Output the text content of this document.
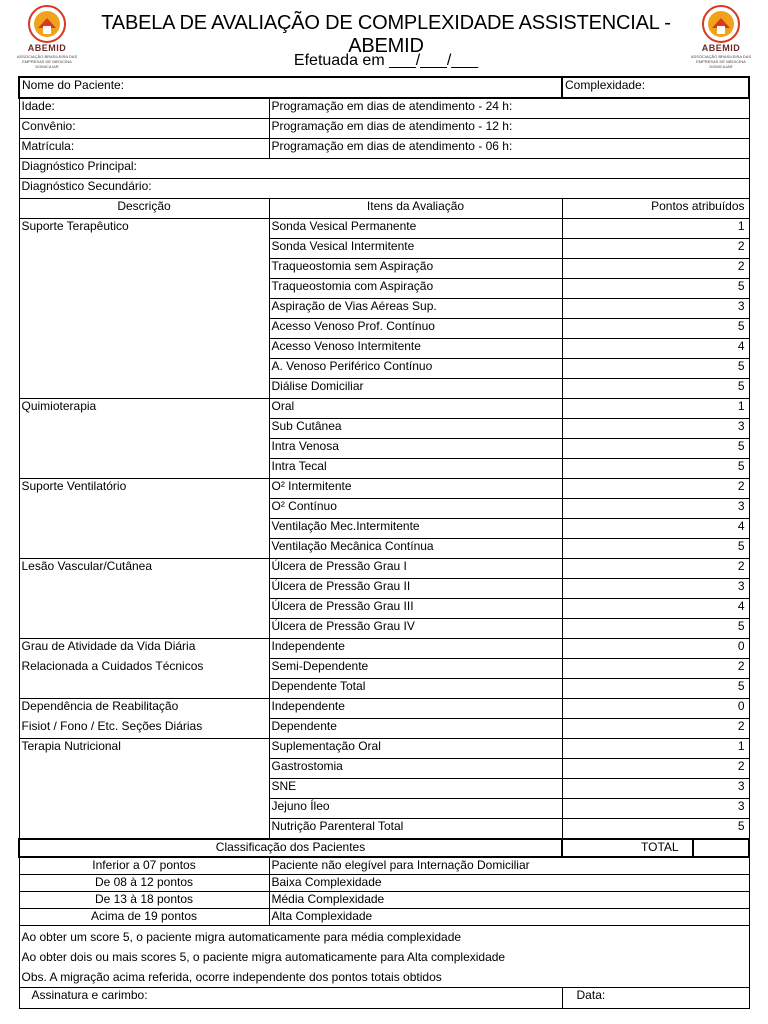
ABEMID
ASSOCIAÇÃO BRASILEIRA DAS EMPRESAS DE MEDICINA DOMICILIAR
TABELA DE AVALIAÇÃO DE COMPLEXIDADE ASSISTENCIAL - ABEMID
Efetuada em ___/___/___
ABEMID
ASSOCIAÇÃO BRASILEIRA DAS EMPRESAS DE MEDICINA DOMICILIAR
Nome do Paciente:		Complexidade:	
Idade:	Programação em dias de atendimento - 24 h:		
Convênio:	Programação em dias de atendimento - 12 h:		
Matrícula:	Programação em dias de atendimento - 06 h:		
Diagnóstico Principal:			
Diagnóstico Secundário:			
Descrição	Itens da Avaliação	Pontos atribuídos	

Suporte Terapêutico	Sonda Vesical Permanente	1	
	Sonda Vesical Intermitente	2	
	Traqueostomia sem Aspiração	2	
	Traqueostomia com Aspiração	5	
	Aspiração de Vias Aéreas Sup.	3	
	Acesso Venoso Prof. Contínuo	5	
	Acesso Venoso Intermitente	4	
	A. Venoso Periférico Contínuo	5	
	Diálise Domiciliar	5	

Quimioterapia	Oral	1	
	Sub Cutânea	3	
	Intra Venosa	5	
	Intra Tecal	5	

Suporte Ventilatório	O² Intermitente	2	
	O² Contínuo	3	
	Ventilação Mec.Intermitente	4	
	Ventilação Mecânica Contínua	5	

Lesão Vascular/Cutânea	Úlcera de Pressão Grau I	2	
	Úlcera de Pressão Grau II	3	
	Úlcera de Pressão Grau III	4	
	Úlcera de Pressão Grau IV	5	

Grau de Atividade da Vida Diária
Relacionada a Cuidados Técnicos	Independente	0	
	Semi-Dependente	2	
	Dependente Total	5	

Dependência de Reabilitação
Fisiot / Fono / Etc. Seções Diárias	Independente	0	
	Dependente	2	

Terapia Nutricional	Suplementação Oral	1	
	Gastrostomia	2	
	SNE	3	
	Jejuno Íleo	3	
	Nutrição Parenteral Total	5	
Classificação dos Pacientes		TOTAL	
Inferior a 07 pontos	Paciente não elegível para Internação Domiciliar		
De 08 à 12 pontos	Baixa Complexidade		
De 13 à 18 pontos	Média Complexidade		
Acima de 19 pontos	Alta Complexidade		

Ao obter um score 5, o paciente migra automaticamente para média complexidade
Ao obter dois ou mais scores 5, o paciente migra automaticamente para Alta complexidade
Obs. A migração acima referida, ocorre independente dos pontos totais obtidos			

Assinatura e carimbo:		Data:	
